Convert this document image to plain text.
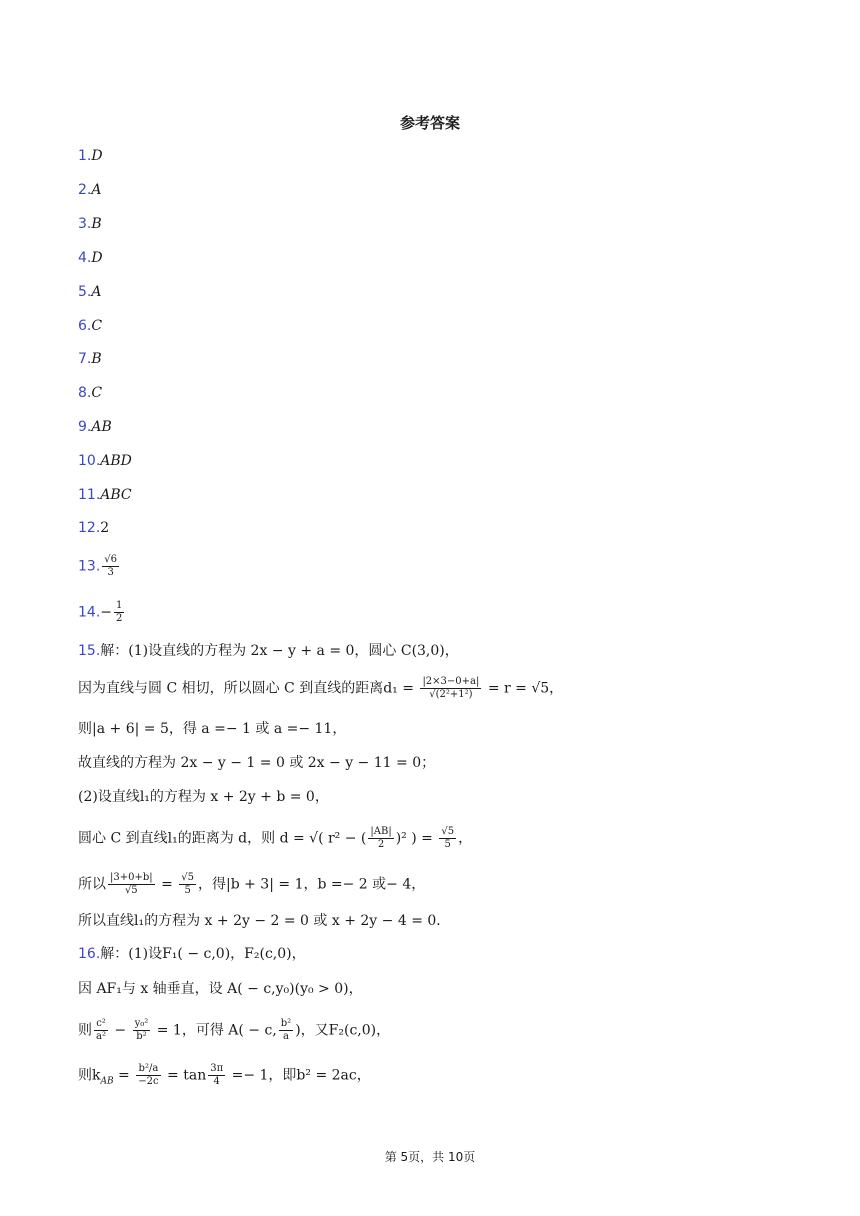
参考答案
1.D
2.A
3.B
4.D
5.A
6.C
7.B
8.C
9.AB
10.ABD
11.ABC
12.2
13. $\frac{√6}{3}$
$14.- \frac{1}{2}$
15.解：(1)设直线的方程为 2x − y + a = 0，圆心 C(3,0)，
因为直线与圆 C 相切，所以圆心 C 到直线的距离$d_1 = \frac{|2\times 3-0+a|}{\text{√(2²+1²)}} = r = √5$，
则|a + 6| = 5，得 a =− 1 或 a =− 11，
故直线的方程为 2x − y − 1 = 0 或 2x − y − 11 = 0；
(2)设直线l₁的方程为 x + 2y + b = 0，
圆心 C 到直线l₁的距离为 d，则 d = √( r² − ( $\frac{|AB|}{2} )^2$ ) = $\frac{√5}{5}$ ，
所以 $\frac{|3+0+b|}{√5} = \frac{√5}{5}$ ，得|b + 3| = 1，b =− 2 或− 4，
所以直线l₁的方程为 x + 2y − 2 = 0 或 x + 2y − 4 = 0．
16.解：(1)设F₁( − c,0)，F₂(c,0)，
因 AF₁与 x 轴垂直，设 A( − c,y₀)(y₀ > 0)，
则 $\frac{\text{c²}}{\text{a²}} - \frac{\text{y₀²}}{\text{b²}} = 1$，可得 A( − c, $\frac{\text{b²}}{a}$ )，又F₂(c,0)，
则$k_{AB} = \frac{\text{b²/a}}{-2c} = \tan \frac{3\pi}{4} =- 1$，即b² = 2ac，
第 5页，共 10页
